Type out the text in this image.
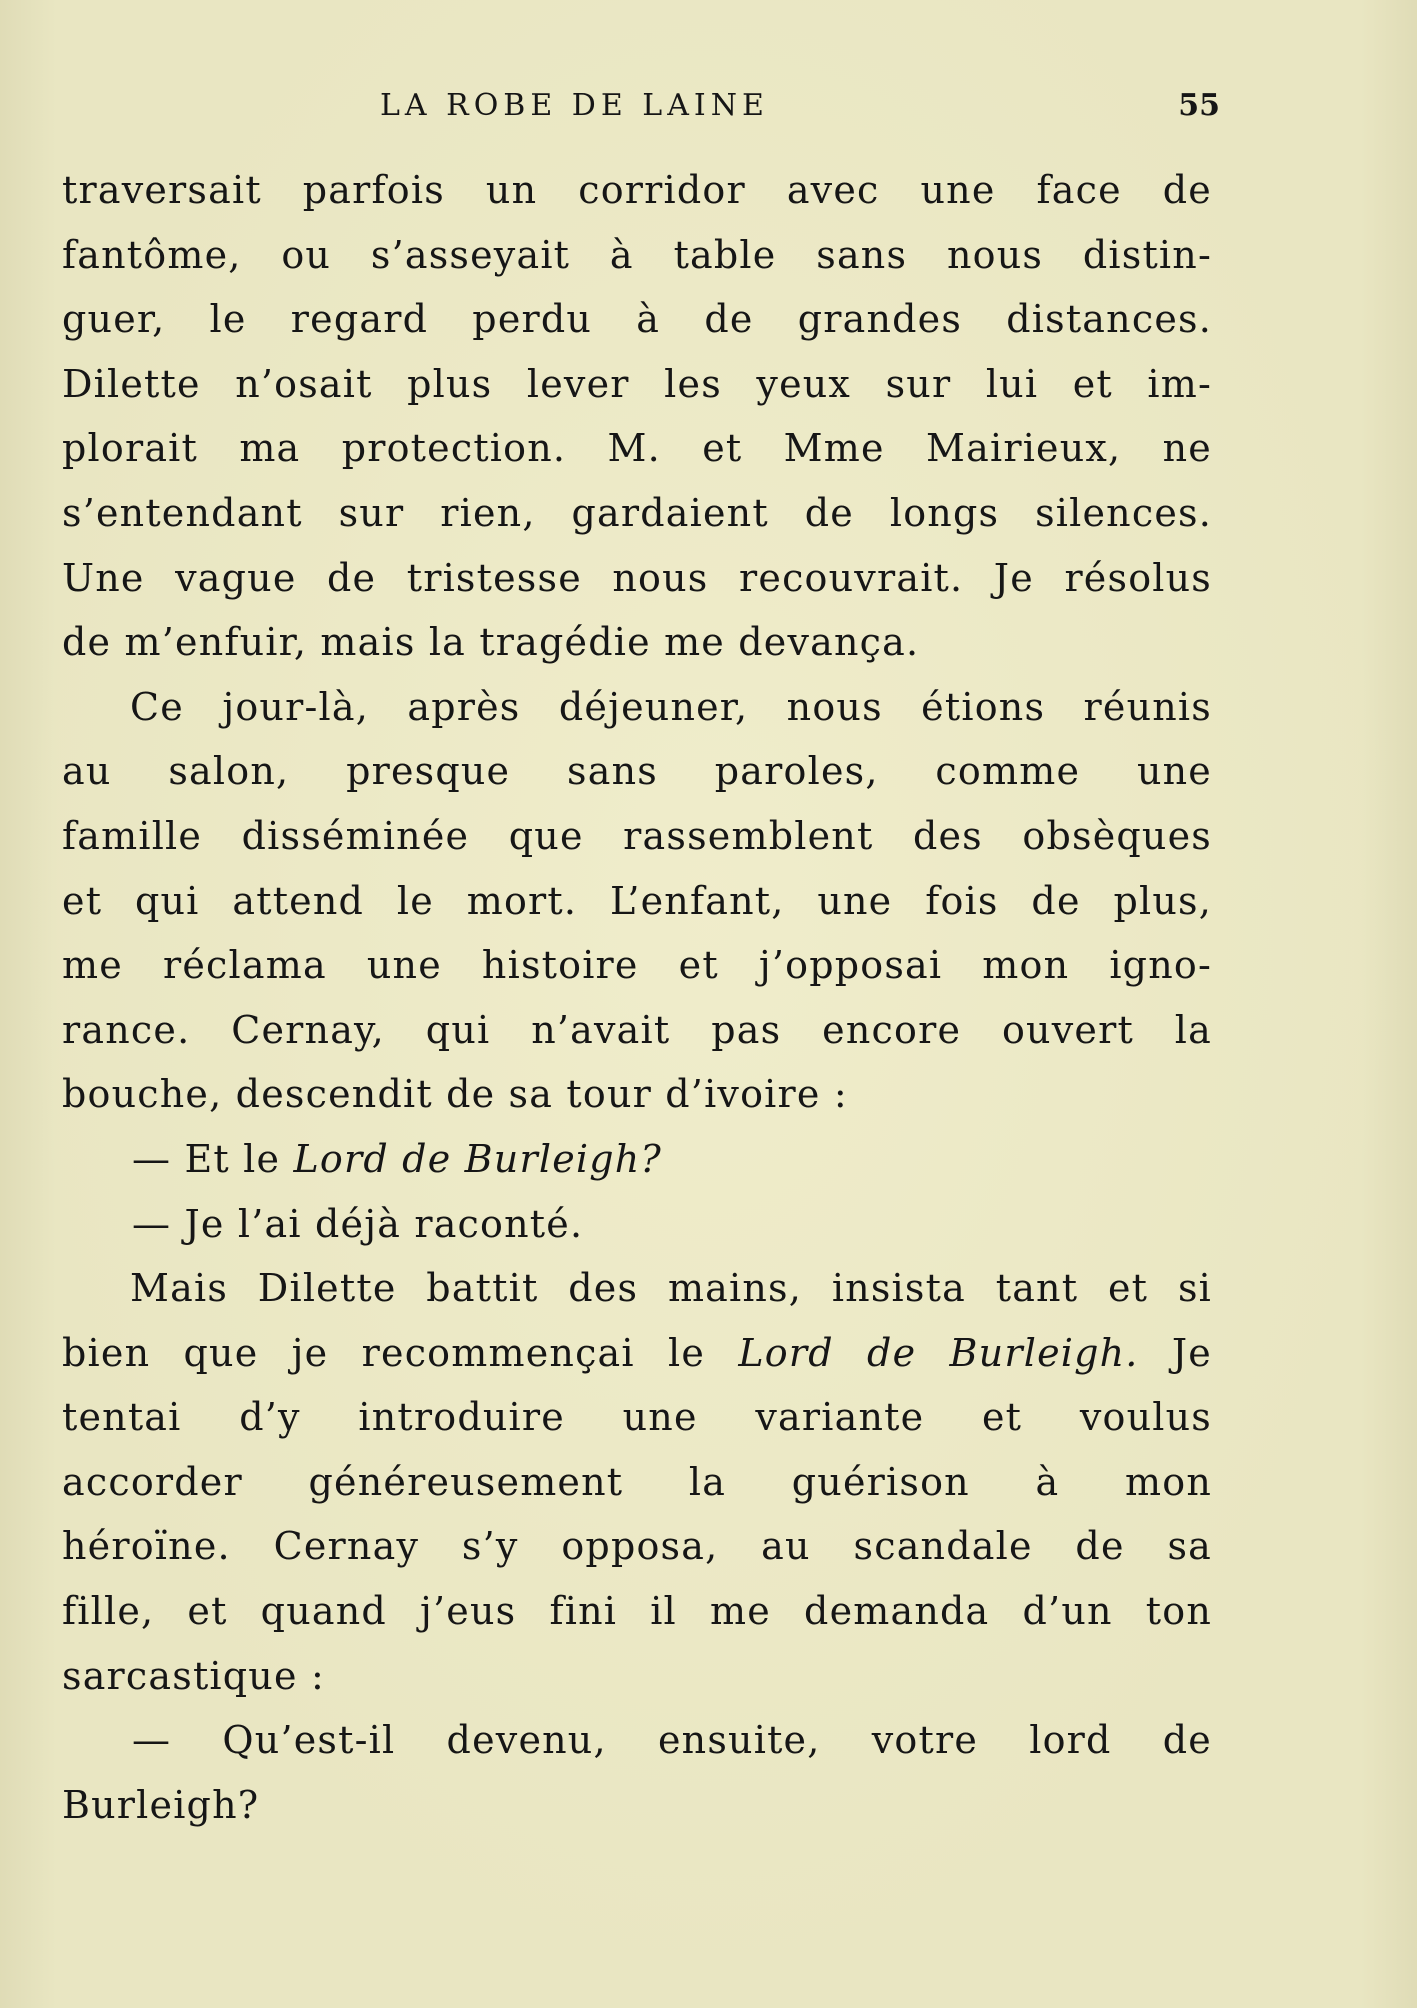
LA ROBE DE LAINE	55
traversait parfois un corridor avec une face de
fantôme, ou s’asseyait à table sans nous distin-
guer, le regard perdu à de grandes distances.
Dilette n’osait plus lever les yeux sur lui et im-
plorait ma protection. M. et Mme Mairieux, ne
s’entendant sur rien, gardaient de longs silences.
Une vague de tristesse nous recouvrait. Je résolus
de m’enfuir, mais la tragédie me devança.
Ce jour-là, après déjeuner, nous étions réunis
au salon, presque sans paroles, comme une
famille disséminée que rassemblent des obsèques
et qui attend le mort. L’enfant, une fois de plus,
me réclama une histoire et j’opposai mon igno-
rance. Cernay, qui n’avait pas encore ouvert la
bouche, descendit de sa tour d’ivoire :
— Et le Lord de Burleigh?
— Je l’ai déjà raconté.
Mais Dilette battit des mains, insista tant et si
bien que je recommençai le Lord de Burleigh. Je
tentai d’y introduire une variante et voulus
accorder généreusement la guérison à mon
héroïne. Cernay s’y opposa, au scandale de sa
fille, et quand j’eus fini il me demanda d’un ton
sarcastique :
— Qu’est-il devenu, ensuite, votre lord de
Burleigh?
